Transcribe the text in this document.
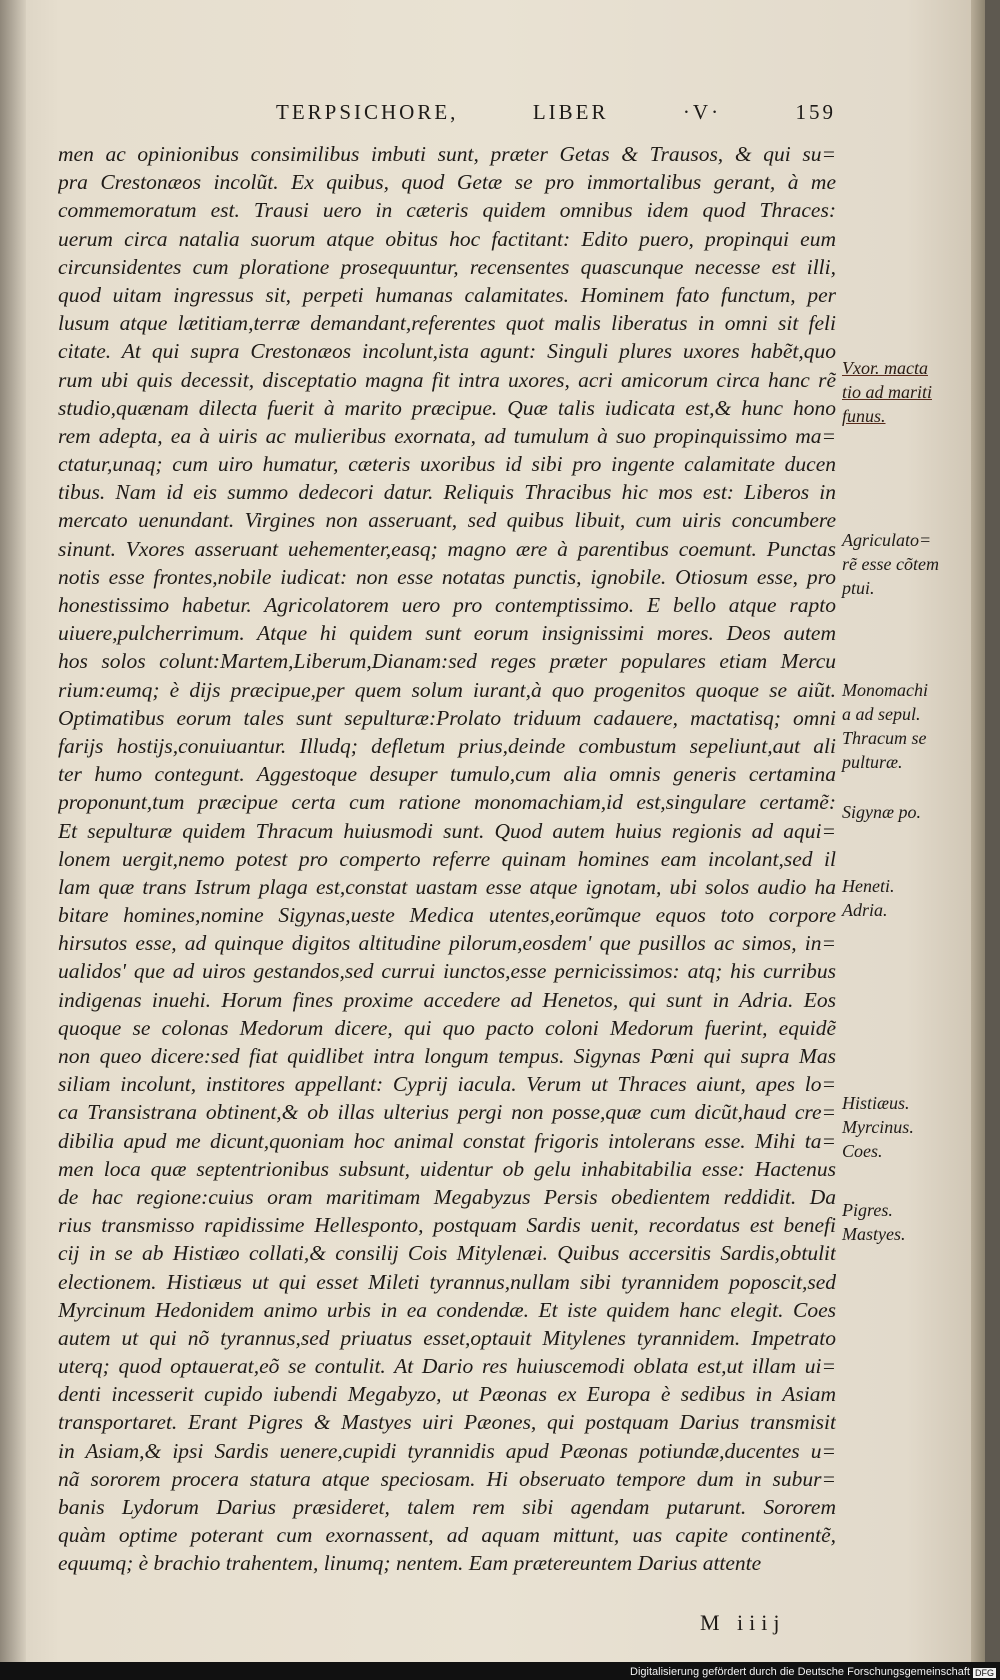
TERPSICHORE,	LIBER	·V·	159
men ac opinionibus consimilibus imbuti sunt, præter Getas & Trausos, & qui su=
pra Crestonæos incolũt. Ex quibus, quod Getæ se pro immortalibus gerant, à me
commemoratum est. Trausi uero in cæteris quidem omnibus idem quod Thraces:
uerum circa natalia suorum atque obitus hoc factitant: Edito puero, propinqui eum
circunsidentes cum ploratione prosequuntur, recensentes quascunque necesse est illi,
quod uitam ingressus sit, perpeti humanas calamitates. Hominem fato functum, per
lusum atque lætitiam,terræ demandant,referentes quot malis liberatus in omni sit feli
citate. At qui supra Crestonæos incolunt,ista agunt: Singuli plures uxores habẽt,quo
rum ubi quis decessit, disceptatio magna fit intra uxores, acri amicorum circa hanc rẽ
studio,quænam dilecta fuerit à marito præcipue. Quæ talis iudicata est,& hunc hono
rem adepta, ea à uiris ac mulieribus exornata, ad tumulum à suo propinquissimo ma=
ctatur,unaq; cum uiro humatur, cæteris uxoribus id sibi pro ingente calamitate ducen
tibus. Nam id eis summo dedecori datur. Reliquis Thracibus hic mos est: Liberos in
mercato uenundant. Virgines non asseruant, sed quibus libuit, cum uiris concumbere
sinunt. Vxores asseruant uehementer,easq; magno ære à parentibus coemunt. Punctas
notis esse frontes,nobile iudicat: non esse notatas punctis, ignobile. Otiosum esse, pro
honestissimo habetur. Agricolatorem uero pro contemptissimo. E bello atque rapto
uiuere,pulcherrimum. Atque hi quidem sunt eorum insignissimi mores. Deos autem
hos solos colunt:Martem,Liberum,Dianam:sed reges præter populares etiam Mercu
rium:eumq; è dijs præcipue,per quem solum iurant,à quo progenitos quoque se aiũt.
Optimatibus eorum tales sunt sepulturæ:Prolato triduum cadauere, mactatisq; omni
farijs hostijs,conuiuantur. Illudq; defletum prius,deinde combustum sepeliunt,aut ali
ter humo contegunt. Aggestoque desuper tumulo,cum alia omnis generis certamina
proponunt,tum præcipue certa cum ratione monomachiam,id est,singulare certamẽ:
Et sepulturæ quidem Thracum huiusmodi sunt. Quod autem huius regionis ad aqui=
lonem uergit,nemo potest pro comperto referre quinam homines eam incolant,sed il
lam quæ trans Istrum plaga est,constat uastam esse atque ignotam, ubi solos audio ha
bitare homines,nomine Sigynas,ueste Medica utentes,eorũmque equos toto corpore
hirsutos esse, ad quinque digitos altitudine pilorum,eosdem' que pusillos ac simos, in=
ualidos' que ad uiros gestandos,sed currui iunctos,esse pernicissimos: atq; his curribus
indigenas inuehi. Horum fines proxime accedere ad Henetos, qui sunt in Adria. Eos
quoque se colonas Medorum dicere, qui quo pacto coloni Medorum fuerint, equidẽ
non queo dicere:sed fiat quidlibet intra longum tempus. Sigynas Pœni qui supra Mas
siliam incolunt, institores appellant: Cyprij iacula. Verum ut Thraces aiunt, apes lo=
ca Transistrana obtinent,& ob illas ulterius pergi non posse,quæ cum dicũt,haud cre=
dibilia apud me dicunt,quoniam hoc animal constat frigoris intolerans esse. Mihi ta=
men loca quæ septentrionibus subsunt, uidentur ob gelu inhabitabilia esse: Hactenus
de hac regione:cuius oram maritimam Megabyzus Persis obedientem reddidit. Da
rius transmisso rapidissime Hellesponto, postquam Sardis uenit, recordatus est benefi
cij in se ab Histiæo collati,& consilij Cois Mitylenæi. Quibus accersitis Sardis,obtulit
electionem. Histiæus ut qui esset Mileti tyrannus,nullam sibi tyrannidem poposcit,sed
Myrcinum Hedonidem animo urbis in ea condendæ. Et iste quidem hanc elegit. Coes
autem ut qui nõ tyrannus,sed priuatus esset,optauit Mitylenes tyrannidem. Impetrato
uterq; quod optauerat,eõ se contulit. At Dario res huiuscemodi oblata est,ut illam ui=
denti incesserit cupido iubendi Megabyzo, ut Pæonas ex Europa è sedibus in Asiam
transportaret. Erant Pigres & Mastyes uiri Pæones, qui postquam Darius transmisit
in Asiam,& ipsi Sardis uenere,cupidi tyrannidis apud Pæonas potiundæ,ducentes u=
nã sororem procera statura atque speciosam. Hi obseruato tempore dum in subur=
banis Lydorum Darius præsideret, talem rem sibi agendam putarunt. Sororem
quàm optime poterant cum exornassent, ad aquam mittunt, uas capite continentẽ,
equumq; è brachio trahentem, linumq; nentem. Eam prætereuntem Darius attente
Vxor. macta
tio ad mariti
funus.
Agriculato=
rẽ esse cõtem
ptui.
Monomachi
a ad sepul.
Thracum se
pulturæ.
Sigynæ po.
Heneti.
Adria.
Histiæus.
Myrcinus.
Coes.
Pigres.
Mastyes.
M iiij
Digitalisierung gefördert durch die Deutsche Forschungsgemeinschaft DFG
